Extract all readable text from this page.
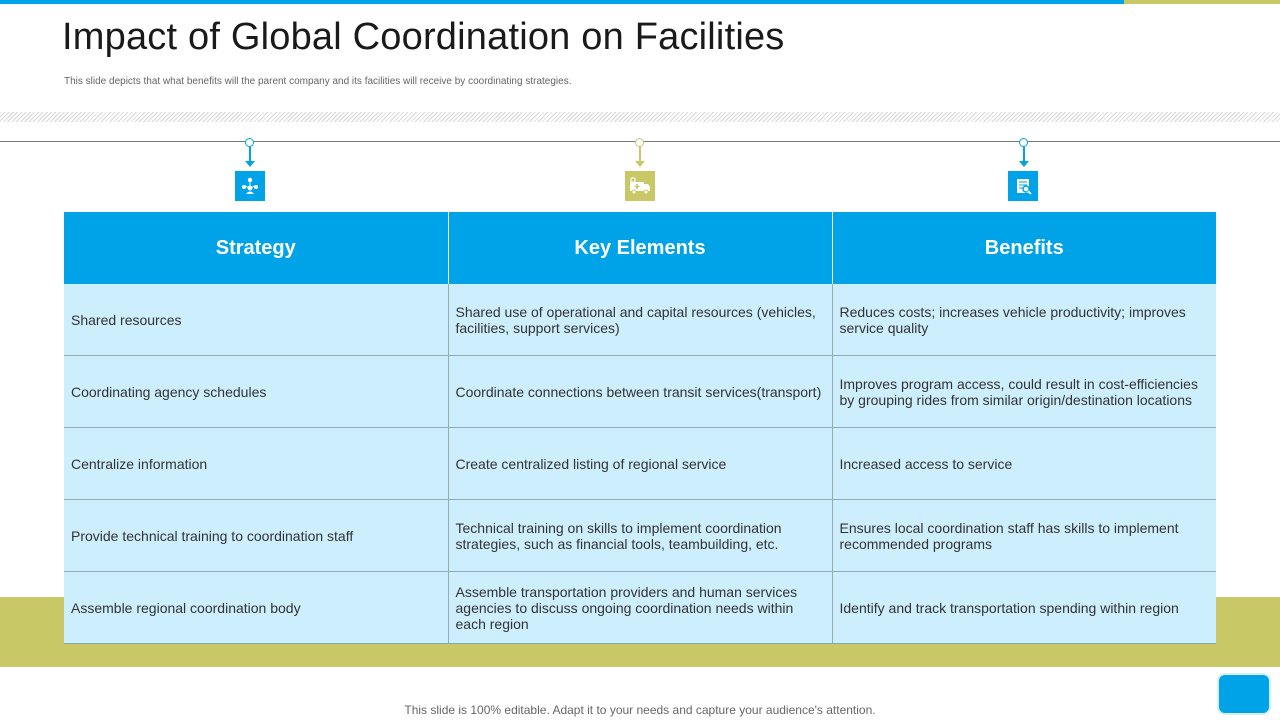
Impact of Global Coordination on Facilities
This slide depicts that what benefits will the parent company and its facilities will receive by coordinating strategies.
Strategy	Key Elements	Benefits
Shared resources	Shared use of operational and capital resources (vehicles, facilities, support services)	Reduces costs; increases vehicle productivity; improves service quality
Coordinating agency schedules	Coordinate connections between transit services(transport)	Improves program access, could result in cost-efficiencies by grouping rides from similar origin/destination locations
Centralize information	Create centralized listing of regional service	Increased access to service
Provide technical training to coordination staff	Technical training on skills to implement coordination strategies, such as financial tools, teambuilding, etc.	Ensures local coordination staff has skills to implement recommended programs
Assemble regional coordination body	Assemble transportation providers and human services agencies to discuss ongoing coordination needs within each region	Identify and track transportation spending within region
This slide is 100% editable. Adapt it to your needs and capture your audience's attention.
